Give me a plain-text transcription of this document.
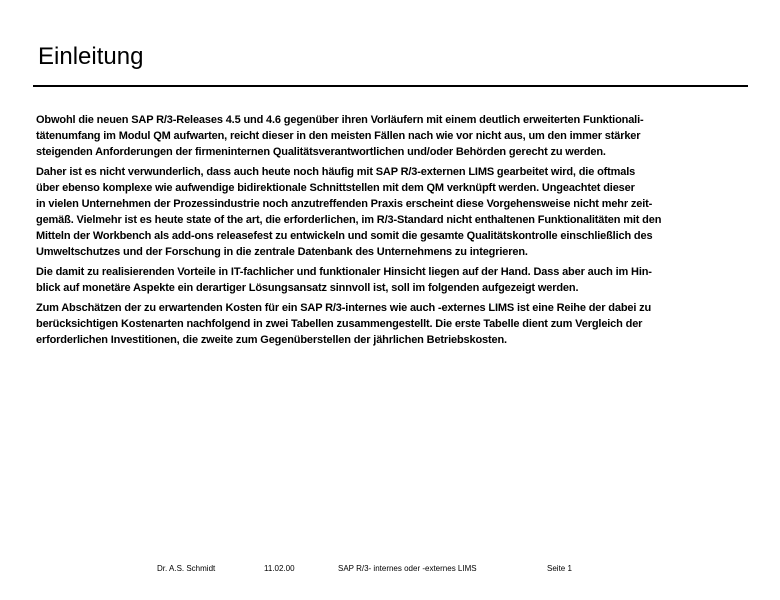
Einleitung
Obwohl die neuen SAP R/3-Releases 4.5 und 4.6 gegenüber ihren Vorläufern mit einem deutlich erweiterten Funktionali-
tätenumfang im Modul QM aufwarten, reicht dieser in den meisten Fällen nach wie vor nicht aus, um den immer stärker
steigenden Anforderungen der firmeninternen Qualitätsverantwortlichen und/oder Behörden gerecht zu werden.
Daher ist es nicht verwunderlich, dass auch heute noch häufig mit SAP R/3-externen LIMS gearbeitet wird, die oftmals
über ebenso komplexe wie aufwendige bidirektionale Schnittstellen mit dem QM verknüpft werden. Ungeachtet dieser
in vielen Unternehmen der Prozessindustrie noch anzutreffenden Praxis erscheint diese Vorgehensweise nicht mehr zeit-
gemäß. Vielmehr ist es heute state of the art, die erforderlichen, im R/3-Standard nicht enthaltenen Funktionalitäten mit den
Mitteln der Workbench als add-ons releasefest zu entwickeln und somit die gesamte Qualitätskontrolle einschließlich des
Umweltschutzes und der Forschung in die zentrale Datenbank des Unternehmens zu integrieren.
Die damit zu realisierenden Vorteile in IT-fachlicher und funktionaler Hinsicht liegen auf der Hand. Dass aber auch im Hin-
blick auf monetäre Aspekte ein derartiger Lösungsansatz sinnvoll ist, soll im folgenden aufgezeigt werden.
Zum Abschätzen der zu erwartenden Kosten für ein SAP R/3-internes wie auch -externes LIMS ist eine Reihe der dabei zu
berücksichtigen Kostenarten nachfolgend in zwei Tabellen zusammengestellt. Die erste Tabelle dient zum Vergleich der
erforderlichen Investitionen, die zweite zum Gegenüberstellen der jährlichen Betriebskosten.
Dr. A.S. Schmidt	11.02.00	SAP R/3- internes oder -externes LIMS	Seite 1
